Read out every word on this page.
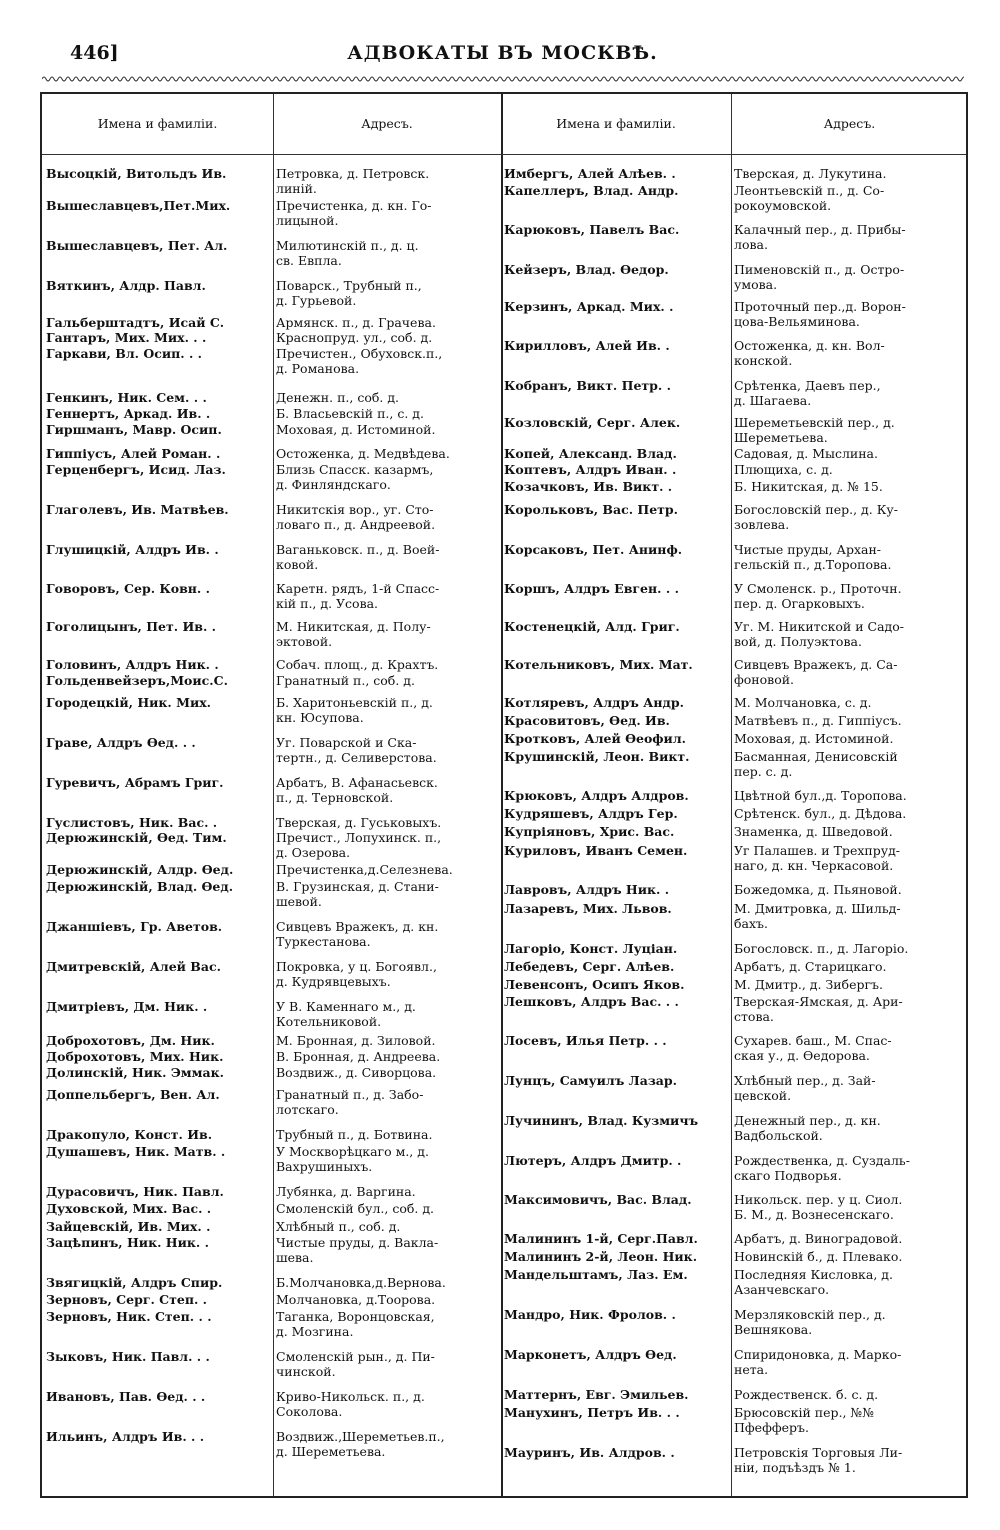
446]	АДВОКАТЫ ВЪ МОСКВѢ.
Имена и фамиліи.	Адресъ.	Имена и фамиліи.	Адресъ.
Высоцкій, Витольдъ Ив.	Петровка, д. Петровск.
линій.
Вышеславцевъ,Пет.Мих.	Пречистенка, д. кн. Го-
лицыной.
Вышеславцевъ, Пет. Ал.	Милютинскій п., д. ц.
св. Евпла.
Вяткинъ, Алдр. Павл.	Поварск., Трубный п.,
д. Гурьевой.
Гальберштадтъ, Исай С.	Армянск. п., д. Грачева.
Гантаръ, Мих. Мих. . .	Краснопруд. ул., соб. д.
Гаркави, Вл. Осип. . .	Пречистен., Обуховск.п.,
д. Романова.
Генкинъ, Ник. Сем. . .	Денежн. п., соб. д.
Геннертъ, Аркад. Ив. .	Б. Власьевскій п., с. д.
Гиршманъ, Мавр. Осип.	Моховая, д. Истоминой.
Гиппіусъ, Алей Роман. .	Остоженка, д. Медвѣдева.
Герценбергъ, Исид. Лаз.	Близь Спасск. казармъ,
д. Финляндскаго.
Глаголевъ, Ив. Матвѣев.	Никитскія вор., уг. Сто-
ловаго п., д. Андреевой.
Глушицкій, Алдръ Ив. .	Ваганьковск. п., д. Воей-
ковой.
Говоровъ, Сер. Ковн. .	Каретн. рядъ, 1-й Спасс-
кій п., д. Усова.
Гоголицынъ, Пет. Ив. .	М. Никитская, д. Полу-
эктовой.
Головинъ, Алдръ Ник. .	Собач. площ., д. Крахтъ.
Гольденвейзеръ,Моис.С.	Гранатный п., соб. д.
Городецкій, Ник. Мих.	Б. Харитоньевскій п., д.
кн. Юсупова.
Граве, Алдръ Ѳед. . .	Уг. Поварской и Ска-
тертн., д. Селиверстова.
Гуревичъ, Абрамъ Григ.	Арбатъ, В. Афанасьевск.
п., д. Терновской.
Гуслистовъ, Ник. Вас. .	Тверская, д. Гуськовыхъ.
Дерюжинскій, Ѳед. Тим.	Пречист., Лопухинск. п.,
д. Озерова.
Дерюжинскій, Алдр. Ѳед.	Пречистенка,д.Селезнева.
Дерюжинскій, Влад. Ѳед.	В. Грузинская, д. Стани-
шевой.
Джаншіевъ, Гр. Аветов.	Сивцевъ Вражекъ, д. кн.
Туркестанова.
Дмитревскій, Алей Вас.	Покровка, у ц. Богоявл.,
д. Кудрявцевыхъ.
Дмитріевъ, Дм. Ник. .	У В. Каменнаго м., д.
Котельниковой.
Доброхотовъ, Дм. Ник.	М. Бронная, д. Зиловой.
Доброхотовъ, Мих. Ник.	В. Бронная, д. Андреева.
Долинскій, Ник. Эммак.	Воздвиж., д. Сиворцова.
Доппельбергъ, Вен. Ал.	Гранатный п., д. Забо-
лотскаго.
Дракопуло, Конст. Ив.	Трубный п., д. Ботвина.
Душашевъ, Ник. Матв. .	У Москворѣцкаго м., д.
Вахрушиныхъ.
Дурасовичъ, Ник. Павл.	Лубянка, д. Варгина.
Духовской, Мих. Вас. .	Смоленскій бул., соб. д.
Зайцевскій, Ив. Мих. .	Хлѣбный п., соб. д.
Зацѣпинъ, Ник. Ник. .	Чистые пруды, д. Ваклa-
шева.
Звягицкій, Алдръ Спир.	Б.Молчановка,д.Вернова.
Зерновъ, Серг. Степ. .	Молчановка, д.Тоорова.
Зерновъ, Ник. Степ. . .	Таганка, Воронцовская,
д. Мозгина.
Зыковъ, Ник. Павл. . .	Смоленскій рын., д. Пи-
чинской.
Ивановъ, Пав. Ѳед. . .	Криво-Никольск. п., д.
Соколова.
Ильинъ, Алдръ Ив. . .	Воздвиж.,Шереметьев.п.,
д. Шереметьева.
Имбергъ, Алей Алѣев. .	Тверская, д. Лукутина.
Капеллеръ, Влад. Андр.	Леонтьевскій п., д. Со-
рокоумовской.
Карюковъ, Павелъ Вас.	Калачный пер., д. Прибы-
лова.
Кейзеръ, Влад. Ѳедор.	Пименовскій п., д. Остро-
умова.
Керзинъ, Аркад. Мих. .	Проточный пер.,д. Ворон-
цова-Вельяминова.
Кирилловъ, Алей Ив. .	Остоженка, д. кн. Вол-
конской.
Кобранъ, Викт. Петр. .	Срѣтенка, Даевъ пер.,
д. Шагаева.
Козловскій, Серг. Алек.	Шереметьевскій пер., д.
Шереметьева.
Копей, Александ. Влад.	Садовая, д. Мыслина.
Коптевъ, Алдръ Иван. .	Плющиха, с. д.
Козачковъ, Ив. Викт. .	Б. Никитская, д. № 15.
Корольковъ, Вас. Петр.	Богословскій пер., д. Ку-
зовлева.
Корсаковъ, Пет. Анинф.	Чистые пруды, Архан-
гельскій п., д.Торопова.
Коршъ, Алдръ Евген. . .	У Смоленск. р., Проточн.
пер. д. Огарковыхъ.
Костенецкій, Алд. Григ.	Уг. М. Никитской и Садо-
вой, д. Полуэктова.
Котельниковъ, Мих. Мат.	Сивцевъ Вражекъ, д. Са-
фоновой.
Котляревъ, Алдръ Андр.	М. Молчановка, с. д.
Красовитовъ, Ѳед. Ив.	Матвѣевъ п., д. Гиппіусъ.
Кротковъ, Алей Ѳеофил.	Моховая, д. Истоминой.
Крушинскій, Леон. Викт.	Басманная, Денисовскій
пер. с. д.
Крюковъ, Алдръ Алдров.	Цвѣтной бул.,д. Торопова.
Кудряшевъ, Алдръ Гер.	Срѣтенск. бул., д. Дѣдова.
Купріяновъ, Хрис. Вас.	Знаменка, д. Шведовой.
Куриловъ, Иванъ Семен.	Уг Палашев. и Трехпруд-
наго, д. кн. Черкасовой.
Лавровъ, Алдръ Ник. .	Божедомка, д. Пьяновой.
Лазаревъ, Мих. Львов.	М. Дмитровка, д. Шильд-
бахъ.
Лагоріо, Конст. Луціан.	Богословск. п., д. Лагоріо.
Лебедевъ, Серг. Алѣев.	Арбатъ, д. Старицкаго.
Левенсонъ, Осипъ Яков.	М. Дмитр., д. Зибергъ.
Лешковъ, Алдръ Вас. . .	Тверская-Ямская, д. Ари-
стова.
Лосевъ, Илья Петр. . .	Сухарев. баш., М. Спас-
ская у., д. Ѳедорова.
Лунцъ, Самуилъ Лазар.	Хлѣбный пер., д. Зай-
цевской.
Лучининъ, Влад. Кузмичъ	Денежный пер., д. кн.
Вадбольской.
Лютеръ, Алдръ Дмитр. .	Рождественка, д. Суздаль-
скаго Подворья.
Максимовичъ, Вас. Влад.	Никольск. пер. у ц. Сиол.
Б. М., д. Вознесенскаго.
Малининъ 1-й, Серг.Павл.	Арбатъ, д. Виноградовой.
Малининъ 2-й, Леон. Ник.	Новинскій б., д. Плевако.
Мандельштамъ, Лаз. Ем.	Последняя Кисловка, д.
Азанчевскаго.
Мандро, Ник. Фролов. .	Мерзляковскій пер., д.
Вешнякова.
Марконетъ, Алдръ Ѳед.	Спиридоновка, д. Марко-
нета.
Маттернъ, Евг. Эмильев.	Рождественск. б. с. д.
Манухинъ, Петръ Ив. . .	Брюсовскій пер., №№
Пфефферъ.
Мауринъ, Ив. Алдров. .	Петровскія Торговыя Ли-
ніи, подъѣздъ № 1.
